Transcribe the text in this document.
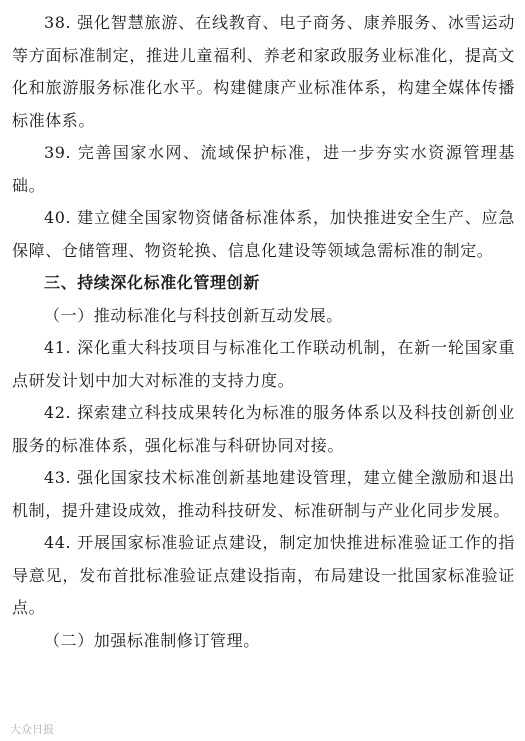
38. 强化智慧旅游、在线教育、电子商务、康养服务、冰雪运动等方面标准制定，推进儿童福利、养老和家政服务业标准化，提高文化和旅游服务标准化水平。构建健康产业标准体系，构建全媒体传播标准体系。

39. 完善国家水网、流域保护标准，进一步夯实水资源管理基础。

40. 建立健全国家物资储备标准体系，加快推进安全生产、应急保障、仓储管理、物资轮换、信息化建设等领域急需标准的制定。

三、持续深化标准化管理创新

（一）推动标准化与科技创新互动发展。

41. 深化重大科技项目与标准化工作联动机制，在新一轮国家重点研发计划中加大对标准的支持力度。

42. 探索建立科技成果转化为标准的服务体系以及科技创新创业服务的标准体系，强化标准与科研协同对接。

43. 强化国家技术标准创新基地建设管理，建立健全激励和退出机制，提升建设成效，推动科技研发、标准研制与产业化同步发展。

44. 开展国家标准验证点建设，制定加快推进标准验证工作的指导意见，发布首批标准验证点建设指南，布局建设一批国家标准验证点。

（二）加强标准制修订管理。

大众日报
